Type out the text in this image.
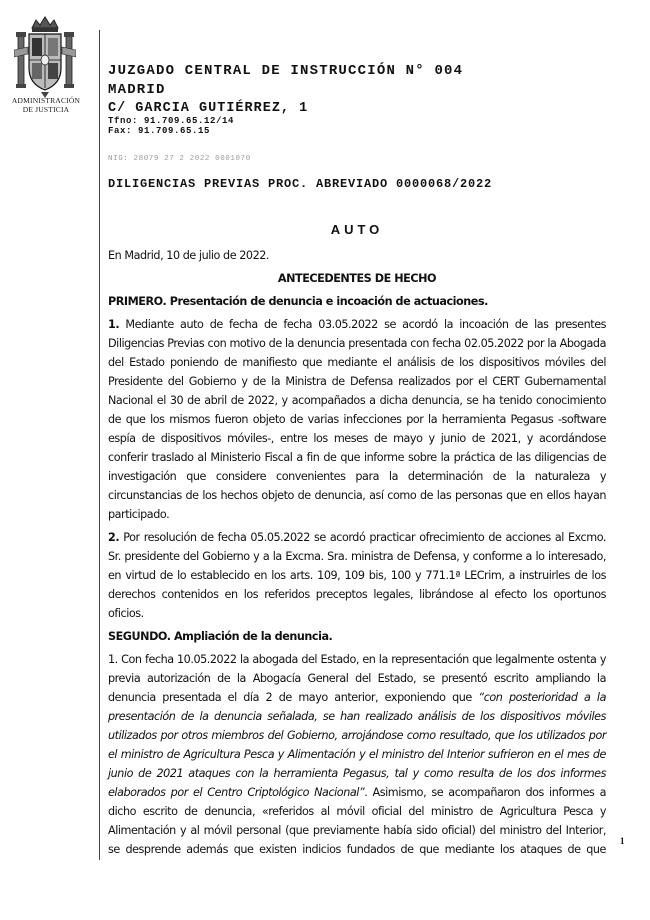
ADMINISTRACIÓN DE JUSTICIA
JUZGADO CENTRAL DE INSTRUCCIÓN N° 004
MADRID
C/ GARCIA GUTIÉRREZ, 1
Tfno: 91.709.65.12/14
Fax: 91.709.65.15
NIG: 28079 27 2 2022 0001070
DILIGENCIAS PREVIAS PROC. ABREVIADO 0000068/2022
AUTO

En Madrid, 10 de julio de 2022.

ANTECEDENTES DE HECHO

PRIMERO. Presentación de denuncia e incoación de actuaciones.

1. Mediante auto de fecha de fecha 03.05.2022 se acordó la incoación de las presentes Diligencias Previas con motivo de la denuncia presentada con fecha 02.05.2022 por la Abogada del Estado poniendo de manifiesto que mediante el análisis de los dispositivos móviles del Presidente del Gobierno y de la Ministra de Defensa realizados por el CERT Gubernamental Nacional el 30 de abril de 2022, y acompañados a dicha denuncia, se ha tenido conocimiento de que los mismos fueron objeto de varias infecciones por la herramienta Pegasus -software espía de dispositivos móviles-, entre los meses de mayo y junio de 2021, y acordándose conferir traslado al Ministerio Fiscal a fin de que informe sobre la práctica de las diligencias de investigación que considere convenientes para la determinación de la naturaleza y circunstancias de los hechos objeto de denuncia, así como de las personas que en ellos hayan participado.

2. Por resolución de fecha 05.05.2022 se acordó practicar ofrecimiento de acciones al Excmo. Sr. presidente del Gobierno y a la Excma. Sra. ministra de Defensa, y conforme a lo interesado, en virtud de lo establecido en los arts. 109, 109 bis, 100 y 771.1ª LECrim, a instruirles de los derechos contenidos en los referidos preceptos legales, librándose al efecto los oportunos oficios.

SEGUNDO. Ampliación de la denuncia.

1. Con fecha 10.05.2022 la abogada del Estado, en la representación que legalmente ostenta y previa autorización de la Abogacía General del Estado, se presentó escrito ampliando la denuncia presentada el día 2 de mayo anterior, exponiendo que “con posterioridad a la presentación de la denuncia señalada, se han realizado análisis de los dispositivos móviles utilizados por otros miembros del Gobierno, arrojándose como resultado, que los utilizados por el ministro de Agricultura Pesca y Alimentación y el ministro del Interior sufrieron en el mes de junio de 2021 ataques con la herramienta Pegasus, tal y como resulta de los dos informes elaborados por el Centro Criptológico Nacional”. Asimismo, se acompañaron dos informes a dicho escrito de denuncia, «referidos al móvil oficial del ministro de Agricultura Pesca y Alimentación y al móvil personal (que previamente había sido oficial) del ministro del Interior, se desprende además que existen indicios fundados de que mediante los ataques de que

1
